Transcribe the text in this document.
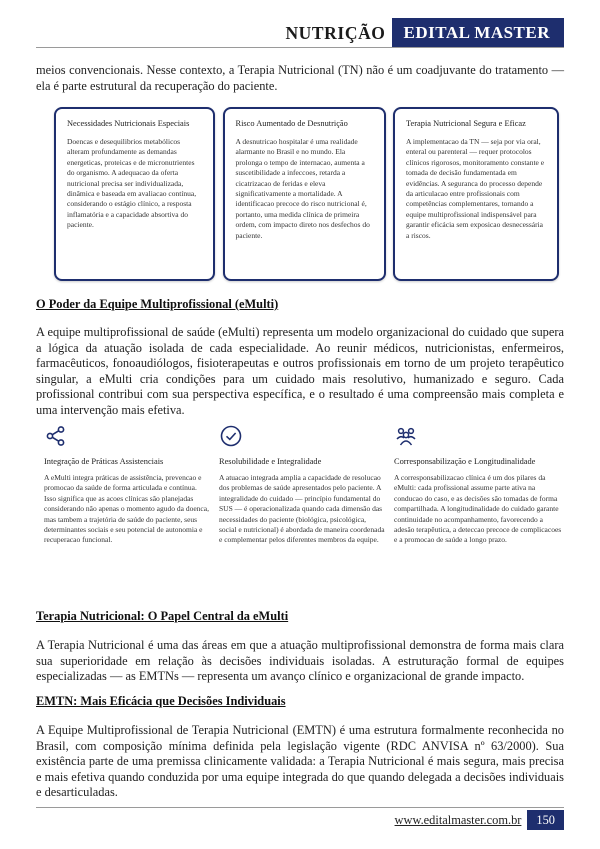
NUTRIÇÃO	EDITAL MASTER

meios convencionais. Nesse contexto, a Terapia Nutricional (TN) não é um coadjuvante do tratamento — ela é parte estrutural da recuperação do paciente.

Necessidades Nutricionais Especiais
Doencas e desequilibrios metabólicos alteram profundamente as demandas energeticas, proteicas e de micronutrientes do organismo. A adequacao da oferta nutricional precisa ser individualizada, dinâmica e baseada em avaliacao contínua, considerando o estágio clínico, a resposta inflamatória e a capacidade absortiva do paciente.
Risco Aumentado de Desnutrição
A desnutricao hospitalar é uma realidade alarmante no Brasil e no mundo. Ela prolonga o tempo de internacao, aumenta a suscetibilidade a infeccoes, retarda a cicatrizacao de feridas e eleva significativamente a mortalidade. A identificacao precoce do risco nutricional é, portanto, uma medida clínica de primeira ordem, com impacto direto nos desfechos do paciente.
Terapia Nutricional Segura e Eficaz
A implementacao da TN — seja por via oral, enteral ou parenteral — requer protocolos clínicos rigorosos, monitoramento constante e tomada de decisão fundamentada em evidências. A seguranca do processo depende da articulacao entre profissionais com competências complementares, tornando a equipe multiprofissional indispensável para garantir eficácia sem exposicao desnecessária a riscos.
O Poder da Equipe Multiprofissional (eMulti)

A equipe multiprofissional de saúde (eMulti) representa um modelo organizacional do cuidado que supera a lógica da atuação isolada de cada especialidade. Ao reunir médicos, nutricionistas, enfermeiros, farmacêuticos, fonoaudiólogos, fisioterapeutas e outros profissionais em torno de um projeto terapêutico singular, a eMulti cria condições para um cuidado mais resolutivo, humanizado e seguro. Cada profissional contribui com sua perspectiva específica, e o resultado é uma compreensão mais completa e uma intervenção mais efetiva.

Integração de Práticas Assistenciais
A eMulti integra práticas de assistência, prevencao e promocao da saúde de forma articulada e contínua. Isso significa que as acoes clínicas são planejadas considerando não apenas o momento agudo da doenca, mas tambem a trajetória de saúde do paciente, seus determinantes sociais e seu potencial de autonomia e recuperacao funcional.
Resolubilidade e Integralidade
A atuacao integrada amplia a capacidade de resolucao dos problemas de saúde apresentados pelo paciente. A integralidade do cuidado — princípio fundamental do SUS — é operacionalizada quando cada dimensão das necessidades do paciente (biológica, psicológica, social e nutricional) é abordada de maneira coordenada e complementar pelos diferentes membros da equipe.
Corresponsabilização e Longitudinalidade
A corresponsabilizacao clínica é um dos pilares da eMulti: cada profissional assume parte ativa na conducao do caso, e as decisões são tomadas de forma compartilhada. A longitudinalidade do cuidado garante continuidade no acompanhamento, favorecendo a adesão terapêutica, a deteccao precoce de complicacoes e a promocao de saúde a longo prazo.
Terapia Nutricional: O Papel Central da eMulti

A Terapia Nutricional é uma das áreas em que a atuação multiprofissional demonstra de forma mais clara sua superioridade em relação às decisões individuais isoladas. A estruturação formal de equipes especializadas — as EMTNs — representa um avanço clínico e organizacional de grande impacto.

EMTN: Mais Eficácia que Decisões Individuais

A Equipe Multiprofissional de Terapia Nutricional (EMTN) é uma estrutura formalmente reconhecida no Brasil, com composição mínima definida pela legislação vigente (RDC ANVISA nº 63/2000). Sua existência parte de uma premissa clinicamente validada: a Terapia Nutricional é mais segura, mais precisa e mais efetiva quando conduzida por uma equipe integrada do que quando delegada a decisões individuais e desarticuladas.

www.editalmaster.com.br	150
